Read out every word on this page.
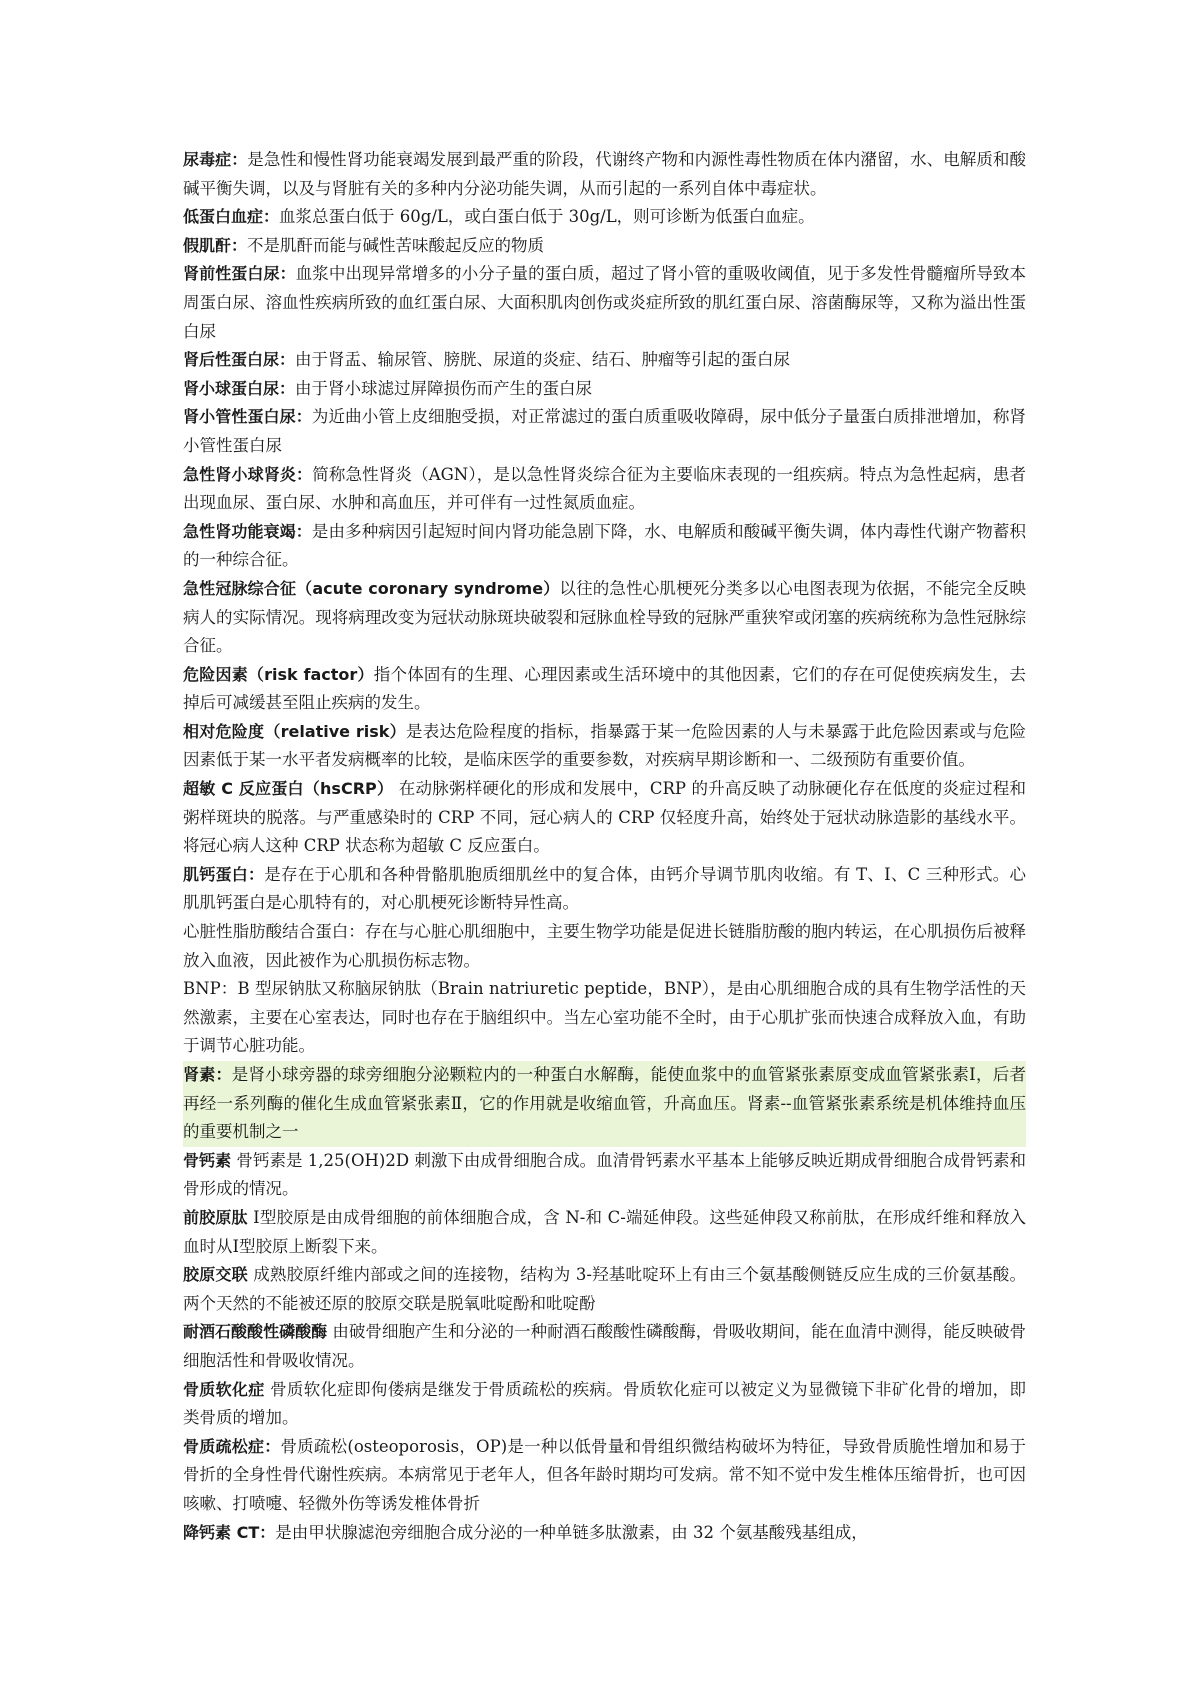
尿毒症：是急性和慢性肾功能衰竭发展到最严重的阶段，代谢终产物和内源性毒性物质在体内潴留，水、电解质和酸碱平衡失调，以及与肾脏有关的多种内分泌功能失调，从而引起的一系列自体中毒症状。

低蛋白血症：血浆总蛋白低于 60g/L，或白蛋白低于 30g/L，则可诊断为低蛋白血症。

假肌酐：不是肌酐而能与碱性苦味酸起反应的物质

肾前性蛋白尿：血浆中出现异常增多的小分子量的蛋白质，超过了肾小管的重吸收阈值，见于多发性骨髓瘤所导致本周蛋白尿、溶血性疾病所致的血红蛋白尿、大面积肌肉创伤或炎症所致的肌红蛋白尿、溶菌酶尿等，又称为溢出性蛋白尿

肾后性蛋白尿：由于肾盂、输尿管、膀胱、尿道的炎症、结石、肿瘤等引起的蛋白尿

肾小球蛋白尿：由于肾小球滤过屏障损伤而产生的蛋白尿

肾小管性蛋白尿：为近曲小管上皮细胞受损，对正常滤过的蛋白质重吸收障碍，尿中低分子量蛋白质排泄增加，称肾小管性蛋白尿

急性肾小球肾炎：简称急性肾炎（AGN），是以急性肾炎综合征为主要临床表现的一组疾病。特点为急性起病，患者出现血尿、蛋白尿、水肿和高血压，并可伴有一过性氮质血症。

急性肾功能衰竭：是由多种病因引起短时间内肾功能急剧下降，水、电解质和酸碱平衡失调，体内毒性代谢产物蓄积的一种综合征。

急性冠脉综合征（acute coronary syndrome）以往的急性心肌梗死分类多以心电图表现为依据，不能完全反映病人的实际情况。现将病理改变为冠状动脉斑块破裂和冠脉血栓导致的冠脉严重狭窄或闭塞的疾病统称为急性冠脉综合征。

危险因素（risk factor）指个体固有的生理、心理因素或生活环境中的其他因素，它们的存在可促使疾病发生，去掉后可减缓甚至阻止疾病的发生。

相对危险度（relative risk）是表达危险程度的指标，指暴露于某一危险因素的人与未暴露于此危险因素或与危险因素低于某一水平者发病概率的比较，是临床医学的重要参数，对疾病早期诊断和一、二级预防有重要价值。

超敏 C 反应蛋白（hsCRP） 在动脉粥样硬化的形成和发展中，CRP 的升高反映了动脉硬化存在低度的炎症过程和粥样斑块的脱落。与严重感染时的 CRP 不同，冠心病人的 CRP 仅轻度升高，始终处于冠状动脉造影的基线水平。将冠心病人这种 CRP 状态称为超敏 C 反应蛋白。

肌钙蛋白：是存在于心肌和各种骨骼肌胞质细肌丝中的复合体，由钙介导调节肌肉收缩。有 T、I、C 三种形式。心肌肌钙蛋白是心肌特有的，对心肌梗死诊断特异性高。

心脏性脂肪酸结合蛋白：存在与心脏心肌细胞中，主要生物学功能是促进长链脂肪酸的胞内转运，在心肌损伤后被释放入血液，因此被作为心肌损伤标志物。

BNP：B 型尿钠肽又称脑尿钠肽（Brain natriuretic peptide，BNP），是由心肌细胞合成的具有生物学活性的天然激素，主要在心室表达，同时也存在于脑组织中。当左心室功能不全时，由于心肌扩张而快速合成释放入血，有助于调节心脏功能。

肾素：是肾小球旁器的球旁细胞分泌颗粒内的一种蛋白水解酶，能使血浆中的血管紧张素原变成血管紧张素Ⅰ，后者再经一系列酶的催化生成血管紧张素Ⅱ，它的作用就是收缩血管，升高血压。肾素--血管紧张素系统是机体维持血压的重要机制之一

骨钙素 骨钙素是 1,25(OH)2D 刺激下由成骨细胞合成。血清骨钙素水平基本上能够反映近期成骨细胞合成骨钙素和骨形成的情况。

前胶原肽 Ⅰ型胶原是由成骨细胞的前体细胞合成，含 N-和 C-端延伸段。这些延伸段又称前肽，在形成纤维和释放入血时从Ⅰ型胶原上断裂下来。

胶原交联 成熟胶原纤维内部或之间的连接物，结构为 3-羟基吡啶环上有由三个氨基酸侧链反应生成的三价氨基酸。两个天然的不能被还原的胶原交联是脱氧吡啶酚和吡啶酚

耐酒石酸酸性磷酸酶 由破骨细胞产生和分泌的一种耐酒石酸酸性磷酸酶，骨吸收期间，能在血清中测得，能反映破骨细胞活性和骨吸收情况。

骨质软化症 骨质软化症即佝偻病是继发于骨质疏松的疾病。骨质软化症可以被定义为显微镜下非矿化骨的增加，即类骨质的增加。

骨质疏松症：骨质疏松(osteoporosis，OP)是一种以低骨量和骨组织微结构破坏为特征，导致骨质脆性增加和易于骨折的全身性骨代谢性疾病。本病常见于老年人，但各年龄时期均可发病。常不知不觉中发生椎体压缩骨折，也可因咳嗽、打喷嚏、轻微外伤等诱发椎体骨折

降钙素 CT：是由甲状腺滤泡旁细胞合成分泌的一种单链多肽激素，由 32 个氨基酸残基组成，
